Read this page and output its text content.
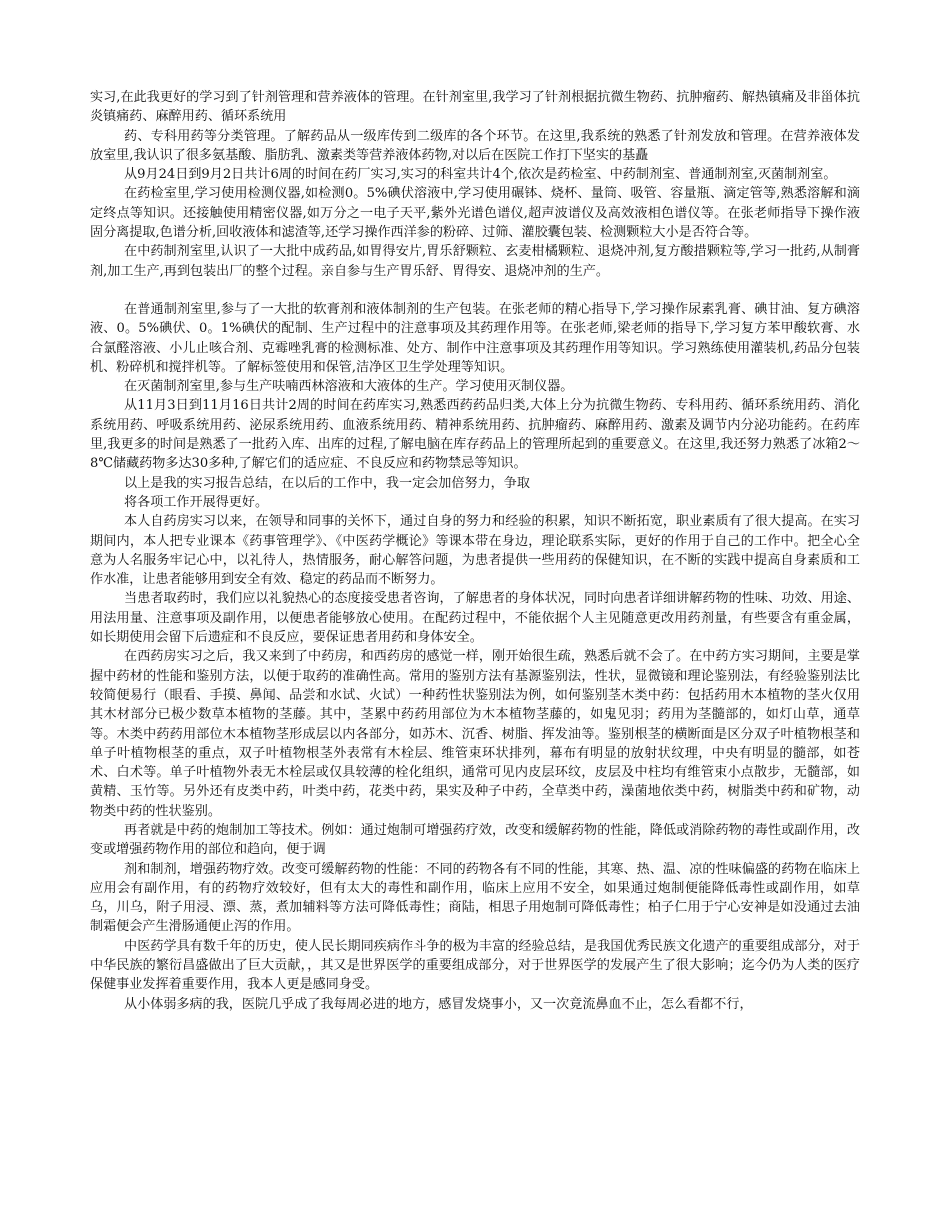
实习,在此我更好的学习到了针剂管理和营养液体的管理。在针剂室里,我学习了针剂根据抗微生物药、抗肿瘤药、解热镇痛及非甾体抗炎镇痛药、麻醉用药、循环系统用

药、专科用药等分类管理。了解药品从一级库传到二级库的各个环节。在这里,我系统的熟悉了针剂发放和管理。在营养液体发放室里,我认识了很多氨基酸、脂肪乳、激素类等营养液体药物,对以后在医院工作打下坚实的基矗

从9月24日到9月2日共计6周的时间在药厂实习,实习的科室共计4个,依次是药检室、中药制剂室、普通制剂室,灭菌制剂室。

在药检室里,学习使用检测仪器,如检测0。5%碘伏溶液中,学习使用碾钵、烧杯、量筒、吸管、容量瓶、滴定管等,熟悉溶解和滴定终点等知识。还接触使用精密仪器,如万分之一电子天平,紫外光谱色谱仪,超声波谱仪及高效液相色谱仪等。在张老师指导下操作液固分离提取,色谱分析,回收液体和滤渣等,还学习操作西洋参的粉碎、过筛、灌胶囊包装、检测颗粒大小是否符合等。

在中药制剂室里,认识了一大批中成药品,如胃得安片,胃乐舒颗粒、玄麦柑橘颗粒、退烧冲剂,复方酸措颗粒等,学习一批药,从制膏剂,加工生产,再到包装出厂的整个过程。亲自参与生产胃乐舒、胃得安、退烧冲剂的生产。

在普通制剂室里,参与了一大批的软膏剂和液体制剂的生产包装。在张老师的精心指导下,学习操作尿素乳膏、碘甘油、复方碘溶液、0。5%碘伏、0。1%碘伏的配制、生产过程中的注意事项及其药理作用等。在张老师,梁老师的指导下,学习复方苯甲酸软膏、水合氯醛溶液、小儿止咳合剂、克霉唑乳膏的检测标准、处方、制作中注意事项及其药理作用等知识。学习熟练使用灌装机,药品分包装机、粉碎机和搅拌机等。了解标签使用和保管,洁净区卫生学处理等知识。

在灭菌制剂室里,参与生产呋喃西林溶液和大液体的生产。学习使用灭制仪器。

从11月3日到11月16日共计2周的时间在药库实习,熟悉西药药品归类,大体上分为抗微生物药、专科用药、循环系统用药、消化系统用药、呼吸系统用药、泌尿系统用药、血液系统用药、精神系统用药、抗肿瘤药、麻醉用药、激素及调节内分泌功能药。在药库里,我更多的时间是熟悉了一批药入库、出库的过程,了解电脑在库存药品上的管理所起到的重要意义。在这里,我还努力熟悉了冰箱2～8℃储藏药物多达30多种,了解它们的适应症、不良反应和药物禁忌等知识。

以上是我的实习报告总结，在以后的工作中，我一定会加倍努力，争取

将各项工作开展得更好。

本人自药房实习以来，在领导和同事的关怀下，通过自身的努力和经验的积累，知识不断拓宽，职业素质有了很大提高。在实习期间内，本人把专业课本《药事管理学》、《中医药学概论》等课本带在身边，理论联系实际，更好的作用于自己的工作中。把全心全意为人名服务牢记心中，以礼待人，热情服务，耐心解答问题，为患者提供一些用药的保健知识，在不断的实践中提高自身素质和工作水准，让患者能够用到安全有效、稳定的药品而不断努力。

当患者取药时，我们应以礼貌热心的态度接受患者咨询，了解患者的身体状况，同时向患者详细讲解药物的性味、功效、用途、用法用量、注意事项及副作用，以便患者能够放心使用。在配药过程中，不能依据个人主见随意更改用药剂量，有些要含有重金属，如长期使用会留下后遗症和不良反应，要保证患者用药和身体安全。

在西药房实习之后，我又来到了中药房，和西药房的感觉一样，刚开始很生疏，熟悉后就不会了。在中药方实习期间，主要是掌握中药材的性能和鉴别方法，以便于取药的准确性高。常用的鉴别方法有基源鉴别法，性状，显微镜和理论鉴别法，有经验鉴别法比较简便易行（眼看、手摸、鼻闻、品尝和水试、火试）一种药性状鉴别法为例，如何鉴别茎木类中药：包括药用木本植物的茎火仅用其木材部分已极少数草本植物的茎藤。其中，茎累中药药用部位为木本植物茎藤的，如鬼见羽；药用为茎髓部的，如灯山草，通草等。木类中药药用部位木本植物茎形成层以内各部分，如苏木、沉香、树脂、挥发油等。鉴别根茎的横断面是区分双子叶植物根茎和单子叶植物根茎的重点，双子叶植物根茎外表常有木栓层、维管束环状排列，幕布有明显的放射状纹理，中央有明显的髓部，如苍术、白术等。单子叶植物外表无木栓层或仅具较薄的栓化组织，通常可见内皮层环纹，皮层及中柱均有维管束小点散步，无髓部，如黄精、玉竹等。另外还有皮类中药，叶类中药，花类中药，果实及种子中药，全草类中药，澡菌地依类中药，树脂类中药和矿物，动物类中药的性状鉴别。

再者就是中药的炮制加工等技术。例如：通过炮制可增强药疗效，改变和缓解药物的性能，降低或消除药物的毒性或副作用，改变或增强药物作用的部位和趋向，便于调

剂和制剂，增强药物疗效。改变可缓解药物的性能：不同的药物各有不同的性能，其寒、热、温、凉的性味偏盛的药物在临床上应用会有副作用，有的药物疗效较好，但有太大的毒性和副作用，临床上应用不安全，如果通过炮制便能降低毒性或副作用，如草乌，川乌，附子用浸、漂、蒸，煮加辅料等方法可降低毒性；商陆，相思子用炮制可降低毒性；柏子仁用于宁心安神是如没通过去油制霜便会产生滑肠通便止泻的作用。

中医药学具有数千年的历史，使人民长期同疾病作斗争的极为丰富的经验总结，是我国优秀民族文化遗产的重要组成部分，对于中华民族的繁衍昌盛做出了巨大贡献，，其又是世界医学的重要组成部分，对于世界医学的发展产生了很大影响；迄今仍为人类的医疗保健事业发挥着重要作用，我本人更是感同身受。

从小体弱多病的我，医院几乎成了我每周必进的地方，感冒发烧事小，又一次竟流鼻血不止，怎么看都不行，
